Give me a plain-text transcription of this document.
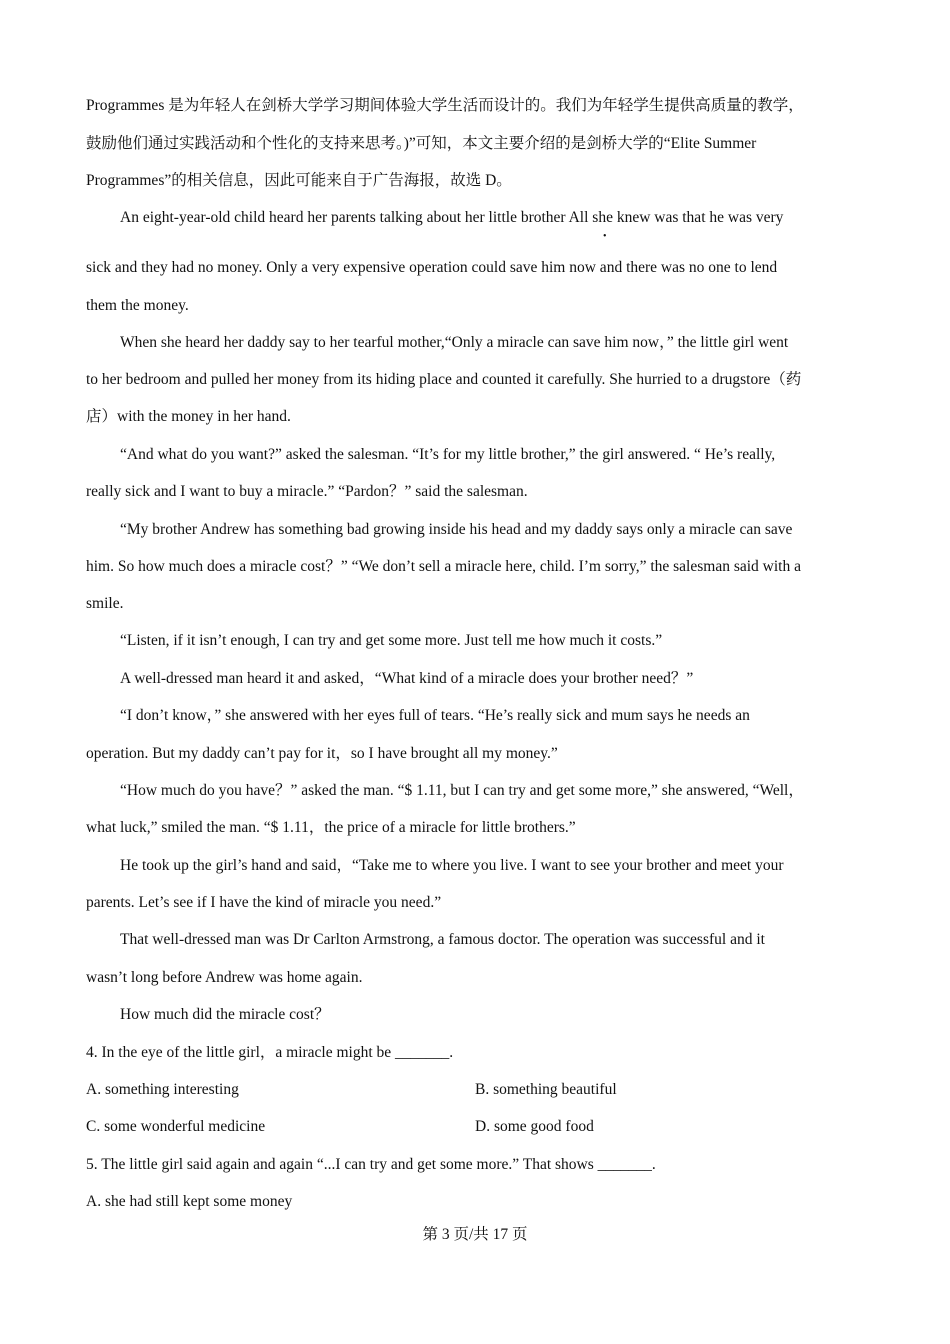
Programmes 是为年轻人在剑桥大学学习期间体验大学生活而设计的。我们为年轻学生提供高质量的教学，
鼓励他们通过实践活动和个性化的支持来思考。)”可知，本文主要介绍的是剑桥大学的“Elite Summer
Programmes”的相关信息，因此可能来自于广告海报，故选 D。
An eight-year-old child heard her parents talking about her little brother All she knew was that he was very
•
sick and they had no money. Only a very expensive operation could save him now and there was no one to lend
them the money.
When she heard her daddy say to her tearful mother,“Only a miracle can save him now，” the little girl went
to her bedroom and pulled her money from its hiding place and counted it carefully. She hurried to a drugstore（药
店）with the money in her hand.
“And what do you want?” asked the salesman. “It’s for my little brother,” the girl answered. “ He’s really,
really sick and I want to buy a miracle.” “Pardon？” said the salesman.
“My brother Andrew has something bad growing inside his head and my daddy says only a miracle can save
him. So how much does a miracle cost？” “We don’t sell a miracle here, child. I’m sorry,” the salesman said with a
smile.
“Listen, if it isn’t enough, I can try and get some more. Just tell me how much it costs.”
A well-dressed man heard it and asked，“What kind of a miracle does your brother need？”
“I don’t know，” she answered with her eyes full of tears. “He’s really sick and mum says he needs an
operation. But my daddy can’t pay for it，so I have brought all my money.”
“How much do you have？” asked the man. “$ 1.11, but I can try and get some more,” she answered, “Well，
what luck,” smiled the man. “$ 1.11，the price of a miracle for little brothers.”
He took up the girl’s hand and said，“Take me to where you live. I want to see your brother and meet your
parents. Let’s see if I have the kind of miracle you need.”
That well-dressed man was Dr Carlton Armstrong, a famous doctor. The operation was successful and it
wasn’t long before Andrew was home again.
How much did the miracle cost？
4. In the eye of the little girl，a miracle might be _______.
A. something interesting	B. something beautiful
C. some wonderful medicine	D. some good food
5. The little girl said again and again “...I can try and get some more.” That shows _______.
A. she had still kept some money
第 3 页/共 17 页
